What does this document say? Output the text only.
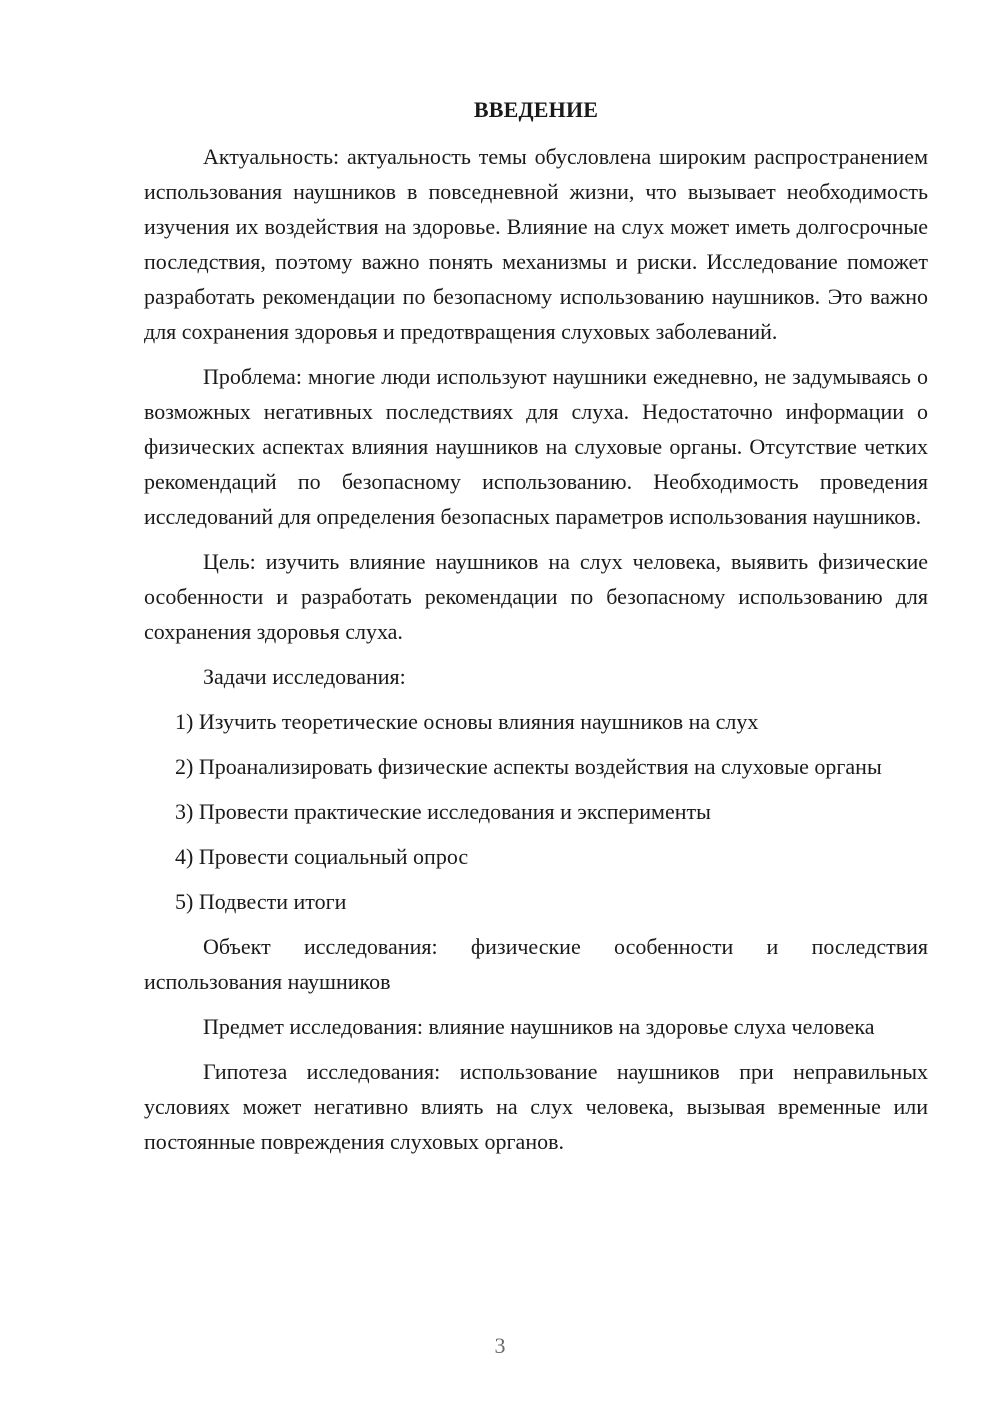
ВВЕДЕНИЕ

Актуальность: актуальность темы обусловлена широким распространением использования наушников в повседневной жизни, что вызывает необходимость изучения их воздействия на здоровье. Влияние на слух может иметь долгосрочные последствия, поэтому важно понять механизмы и риски. Исследование поможет разработать рекомендации по безопасному использованию наушников. Это важно для сохранения здоровья и предотвращения слуховых заболеваний.

Проблема: многие люди используют наушники ежедневно, не задумываясь о возможных негативных последствиях для слуха. Недостаточно информации о физических аспектах влияния наушников на слуховые органы. Отсутствие четких рекомендаций по безопасному использованию. Необходимость проведения исследований для определения безопасных параметров использования наушников.

Цель: изучить влияние наушников на слух человека, выявить физические особенности и разработать рекомендации по безопасному использованию для сохранения здоровья слуха.

Задачи исследования:

1) Изучить теоретические основы влияния наушников на слух

2) Проанализировать физические аспекты воздействия на слуховые органы

3) Провести практические исследования и эксперименты

4) Провести социальный опрос

5) Подвести итоги

Объект исследования: физические особенности и последствия использования наушников

Предмет исследования: влияние наушников на здоровье слуха человека

Гипотеза исследования: использование наушников при неправильных условиях может негативно влиять на слух человека, вызывая временные или постоянные повреждения слуховых органов.

3
